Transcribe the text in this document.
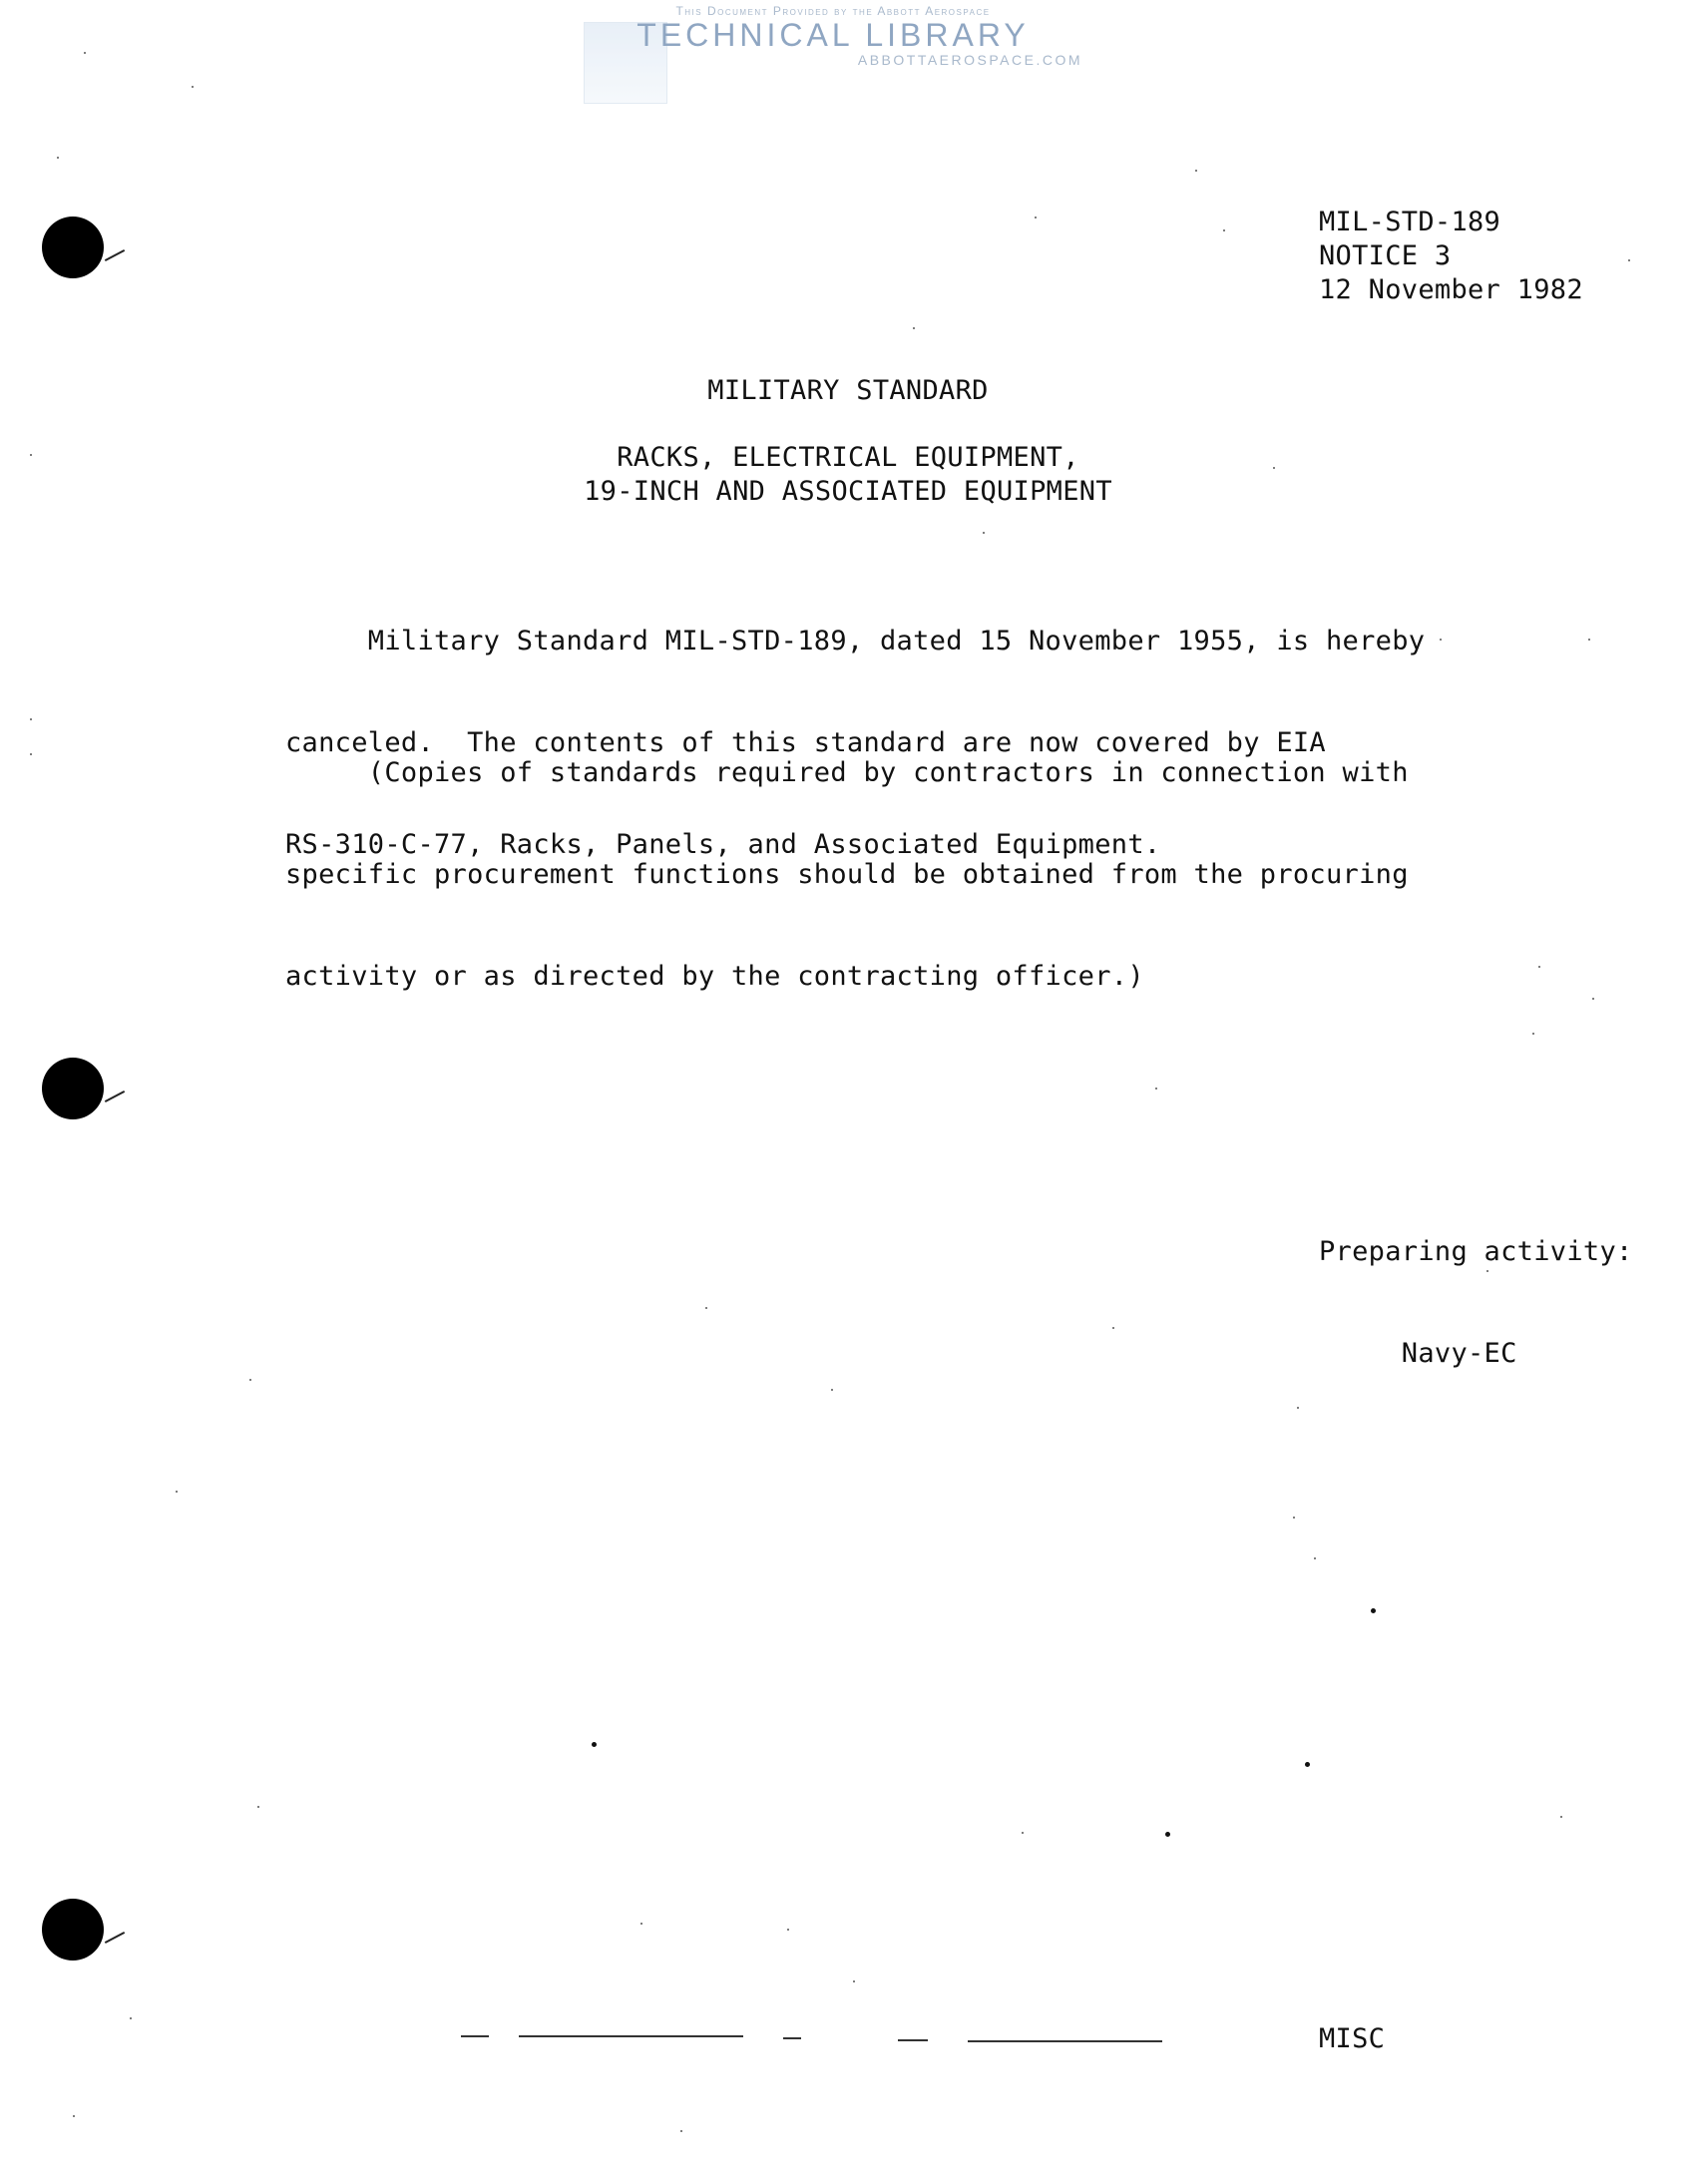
This Document Provided by the Abbott Aerospace
TECHNICAL LIBRARY
ABBOTTAEROSPACE.COM
MIL-STD-189
NOTICE 3
12 November 1982
MILITARY STANDARD
RACKS, ELECTRICAL EQUIPMENT,
19-INCH AND ASSOCIATED EQUIPMENT

Military Standard MIL-STD-189, dated 15 November 1955, is hereby

canceled.  The contents of this standard are now covered by EIA

RS-310-C-77, Racks, Panels, and Associated Equipment.

(Copies of standards required by contractors in connection with

specific procurement functions should be obtained from the procuring

activity or as directed by the contracting officer.)

Preparing activity:

Navy-EC

MISC
